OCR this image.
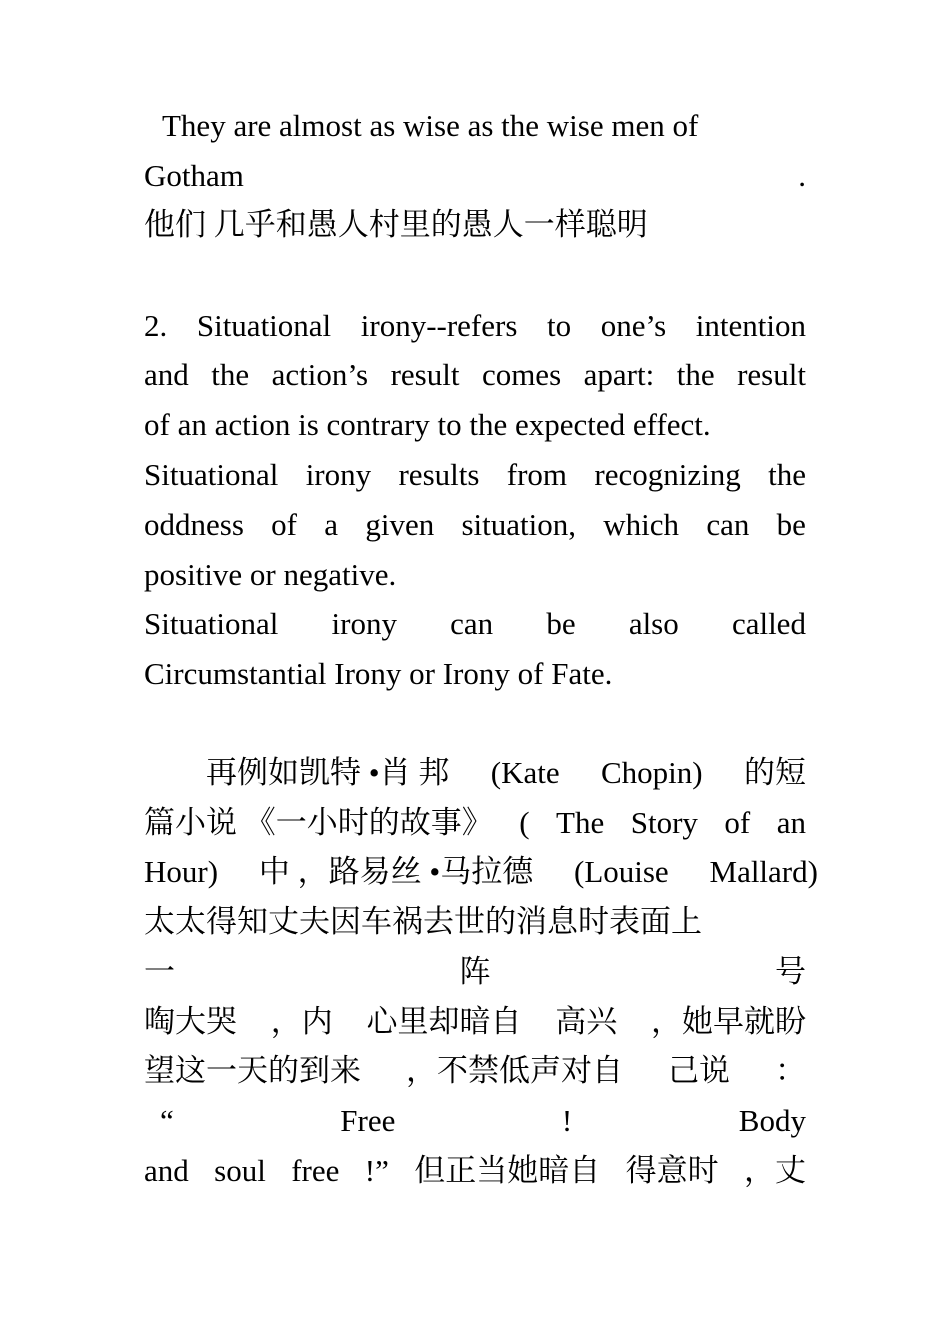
They are almost as wise as the wise men of
Gotham	.
他们 几乎和愚人村里的愚人一样聪明
2. Situational irony--refers to one’s intention
and the action’s result comes apart: the result
of an action is contrary to the expected effect.
Situational irony results from recognizing the
oddness of a given situation, which can be
positive or negative.
Situational irony can be also called
Circumstantial Irony or Irony of Fate.
　　再例如凯特 •肖 邦 (Kate Chopin) 的短
篇小说 《一小时的故事》 ( The Story of an
Hour) 中 ，路易丝 •马拉德 (Louise Mallard)
太太得知丈夫因车祸去世的消息时表面上
一	阵	号
啕大哭 ，内 心里却暗自 高兴 ，她早就盼
望这一天的到来 ，不禁低声对自 己说 ：
“	Free	!	Body
and soul free !” 但正当她暗自 得意时 ，丈
